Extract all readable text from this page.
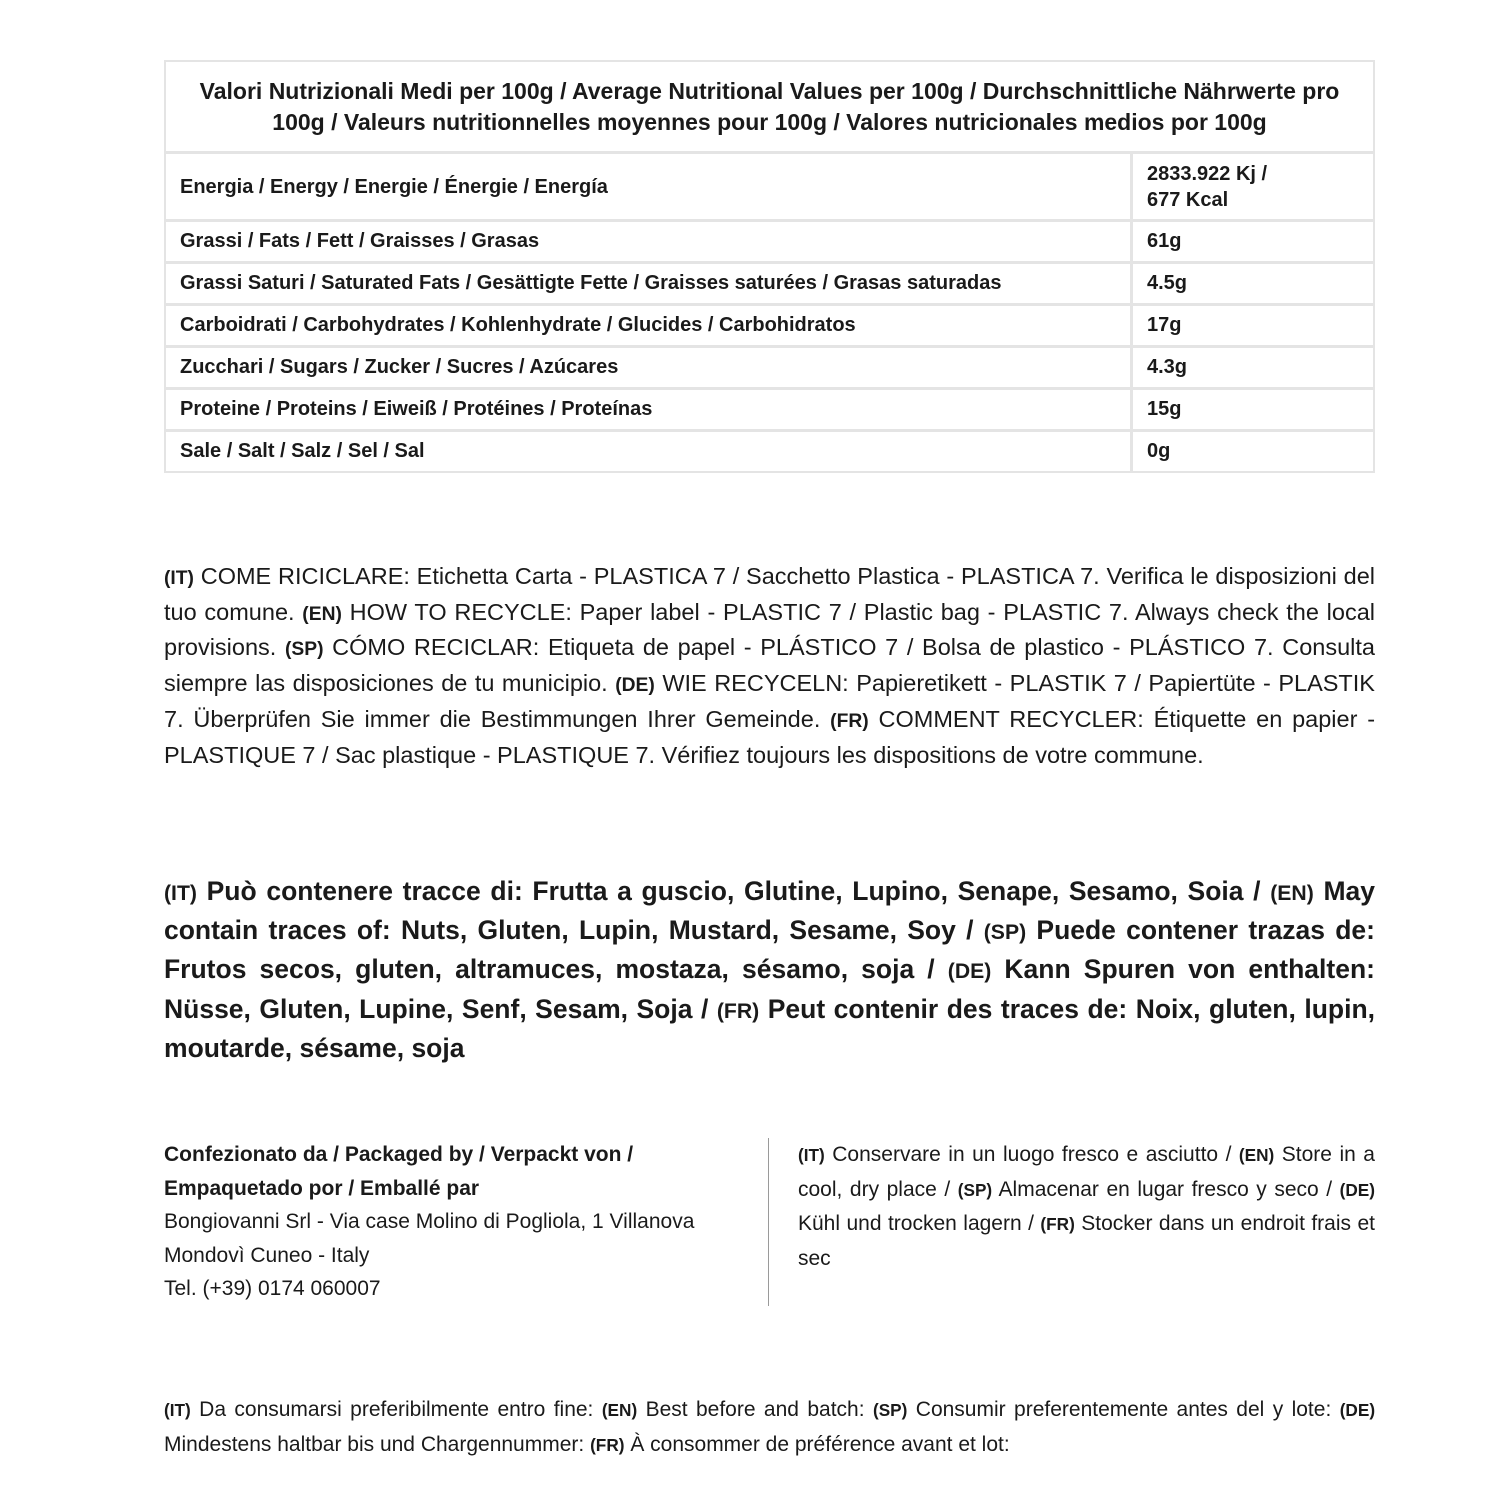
Valori Nutrizionali Medi per 100g / Average Nutritional Values per 100g / Durchschnittliche Nährwerte pro 100g / Valeurs nutritionnelles moyennes pour 100g / Valores nutricionales medios por 100g	
Energia / Energy / Energie / Énergie / Energía	2833.922 Kj /
677 Kcal
Grassi / Fats / Fett / Graisses / Grasas	61g
Grassi Saturi / Saturated Fats / Gesättigte Fette / Graisses saturées / Grasas saturadas	4.5g
Carboidrati / Carbohydrates / Kohlenhydrate / Glucides / Carbohidratos	17g
Zucchari / Sugars / Zucker / Sucres / Azúcares	4.3g
Proteine / Proteins / Eiweiß / Protéines / Proteínas	15g
Sale / Salt / Salz / Sel / Sal	0g

(IT) COME RICICLARE: Etichetta Carta - PLASTICA 7 / Sacchetto Plastica - PLASTICA 7. Verifica le disposizioni del tuo comune. (EN) HOW TO RECYCLE: Paper label - PLASTIC 7 / Plastic bag - PLASTIC 7. Always check the local provisions. (SP) CÓMO RECICLAR: Etiqueta de papel - PLÁSTICO 7 / Bolsa de plastico - PLÁSTICO 7. Consulta siempre las disposiciones de tu municipio. (DE) WIE RECYCELN: Papieretikett - PLASTIK 7 / Papiertüte - PLASTIK 7. Überprüfen Sie immer die Bestimmungen Ihrer Gemeinde. (FR) COMMENT RECYCLER: Étiquette en papier - PLASTIQUE 7 / Sac plastique - PLASTIQUE 7. Vérifiez toujours les dispositions de votre commune.

(IT) Può contenere tracce di: Frutta a guscio, Glutine, Lupino, Senape, Sesamo, Soia / (EN) May contain traces of: Nuts, Gluten, Lupin, Mustard, Sesame, Soy / (SP) Puede contener trazas de: Frutos secos, gluten, altramuces, mostaza, sésamo, soja / (DE) Kann Spuren von enthalten: Nüsse, Gluten, Lupine, Senf, Sesam, Soja / (FR) Peut contenir des traces de: Noix, gluten, lupin, moutarde, sésame, soja

Confezionato da / Packaged by / Verpackt von /
Empaquetado por / Emballé par
Bongiovanni Srl - Via case Molino di Pogliola, 1 Villanova
Mondovì Cuneo - Italy
Tel. (+39) 0174 060007

(IT) Conservare in un luogo fresco e asciutto / (EN) Store in a cool, dry place / (SP) Almacenar en lugar fresco y seco / (DE) Kühl und trocken lagern / (FR) Stocker dans un endroit frais et sec

(IT) Da consumarsi preferibilmente entro fine: (EN) Best before and batch: (SP) Consumir preferentemente antes del y lote: (DE) Mindestens haltbar bis und Chargennummer: (FR) À consommer de préférence avant et lot:
